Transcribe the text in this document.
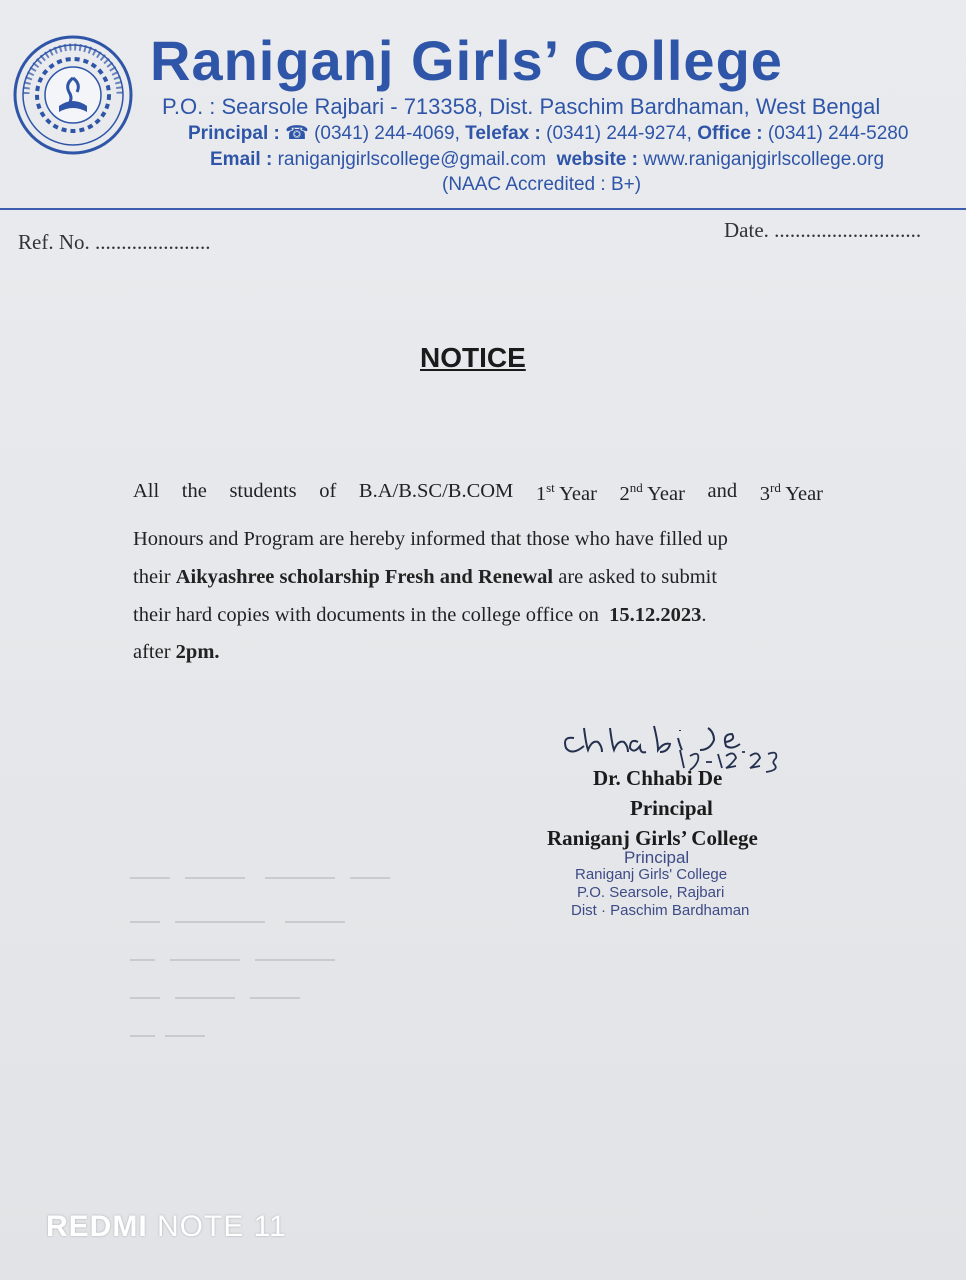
Raniganj Girls’ College
P.O. : Searsole Rajbari - 713358, Dist. Paschim Bardhaman, West Bengal
Principal : ☎ (0341) 244-4069, Telefax : (0341) 244-9274, Office : (0341) 244-5280
Email : raniganjgirlscollege@gmail.com website : www.raniganjgirlscollege.org
(NAAC Accredited : B+)
Ref. No. ......................	Date. ............................
NOTICE
All the students of B.A/B.SC/B.COM 1st Year 2nd Year and 3rd Year
Honours and Program are hereby informed that those who have filled up
their Aikyashree scholarship Fresh and Renewal are asked to submit
their hard copies with documents in the college office on 15.12.2023.
after 2pm.
Dr. Chhabi De
Principal
Raniganj Girls’ College
Principal
Raniganj Girls' College
P.O. Searsole, Rajbari
Dist · Paschim Bardhaman
REDMI NOTE 11
